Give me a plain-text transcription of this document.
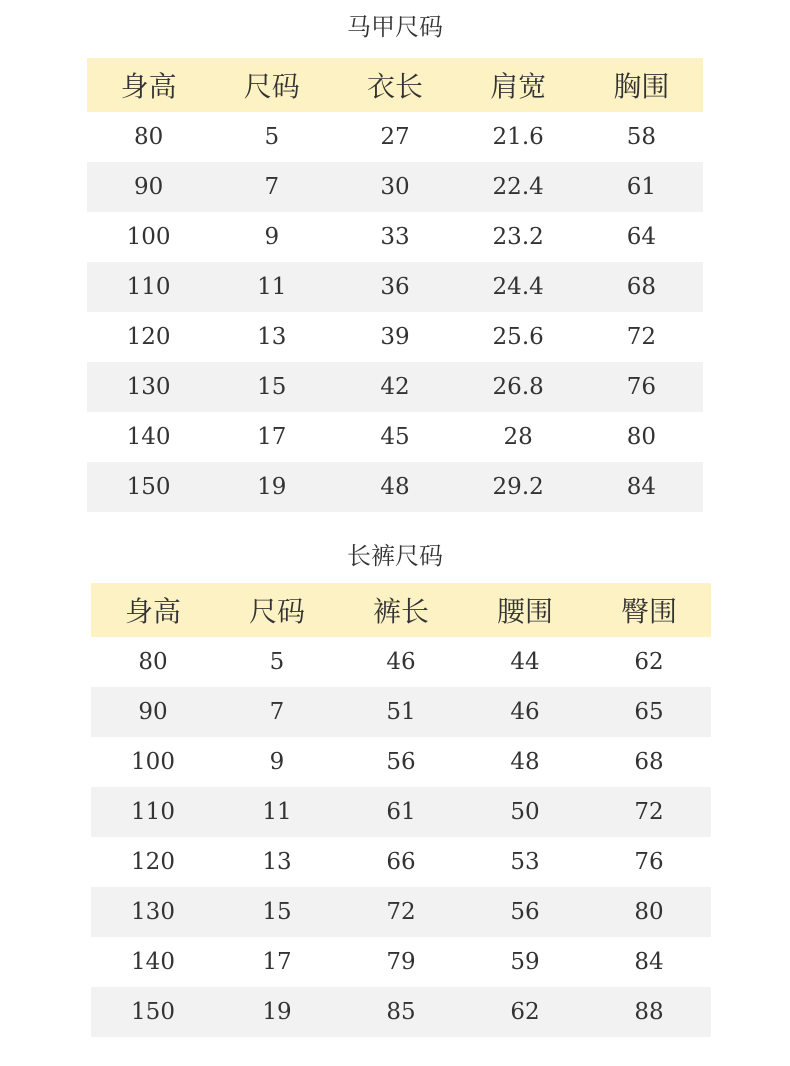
马甲尺码
身高	尺码	衣长	肩宽	胸围
80	5	27	21.6	58
90	7	30	22.4	61
100	9	33	23.2	64
110	11	36	24.4	68
120	13	39	25.6	72
130	15	42	26.8	76
140	17	45	28	80
150	19	48	29.2	84
长裤尺码
身高	尺码	裤长	腰围	臀围
80	5	46	44	62
90	7	51	46	65
100	9	56	48	68
110	11	61	50	72
120	13	66	53	76
130	15	72	56	80
140	17	79	59	84
150	19	85	62	88
